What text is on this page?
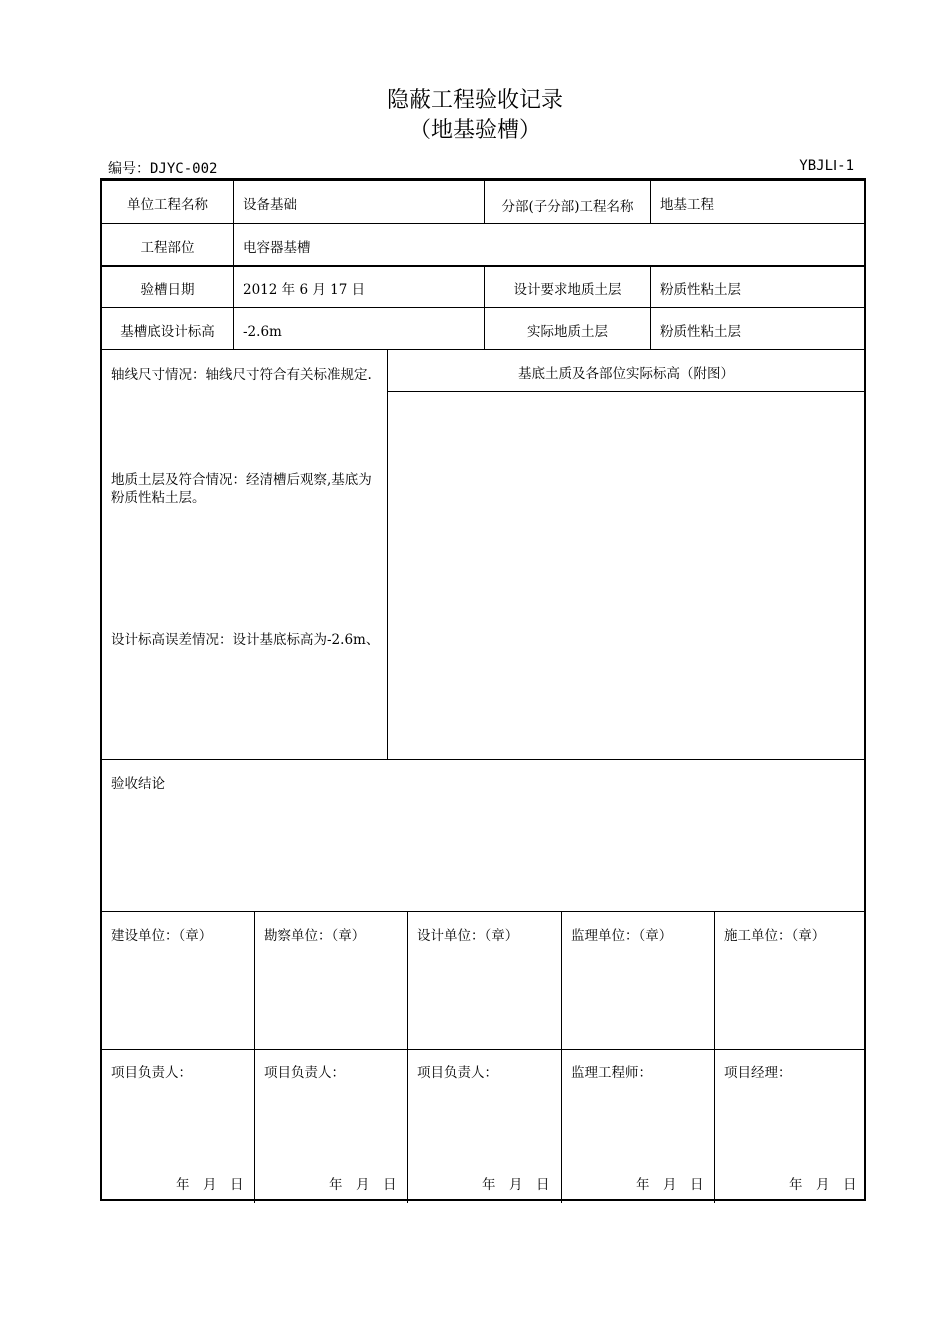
隐蔽工程验收记录
（地基验槽）
编号：DJYC-002	YBJLⅠ-1
单位工程名称	设备基础	分部(子分部)工程名称	地基工程
工程部位	电容器基槽
验槽日期	2012 年 6 月 17 日	设计要求地质土层	粉质性粘土层
基槽底设计标高	-2.6m	实际地质土层	粉质性粘土层
轴线尺寸情况：轴线尺寸符合有关标准规定.
地质土层及符合情况：经清槽后观察,基底为粉质性粘土层。
设计标高误差情况：设计基底标高为-2.6m、
基底土质及各部位实际标高（附图）
验收结论
建设单位：（章）	勘察单位：（章）	设计单位：（章）	监理单位：（章）	施工单位：（章）
项目负责人：	项目负责人：	项目负责人：	监理工程师：	项目经理：
年　月　日	年　月　日	年　月　日	年　月　日	年　月　日
